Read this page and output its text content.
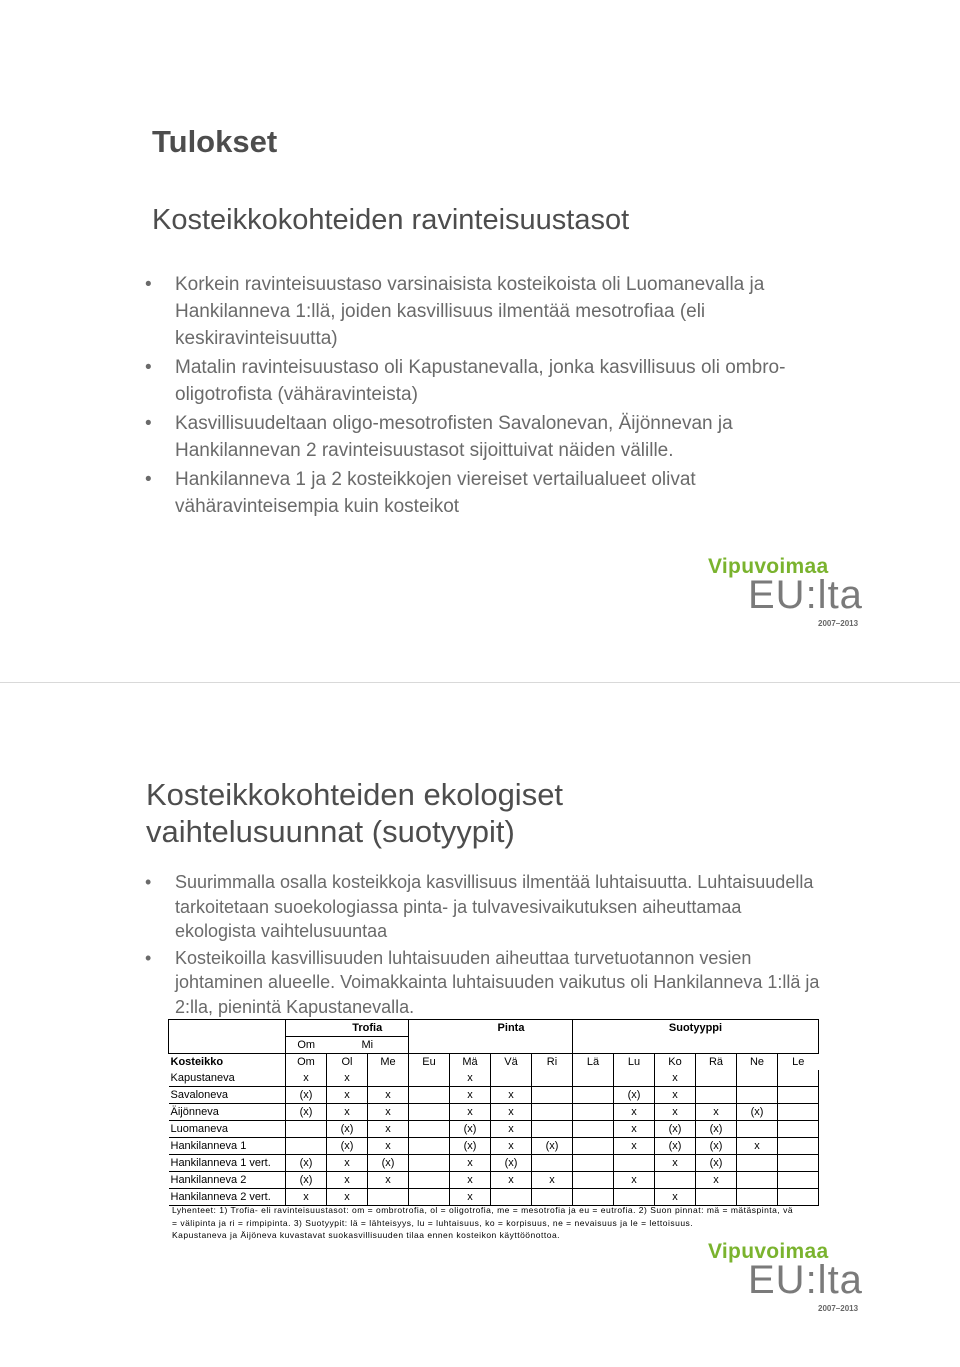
Tulokset
Kosteikkokohteiden ravinteisuustasot
• Korkein ravinteisuustaso varsinaisista kosteikoista oli Luomanevalla ja Hankilanneva 1:llä, joiden kasvillisuus ilmentää mesotrofiaa (eli keskiravinteisuutta)
• Matalin ravinteisuustaso oli Kapustanevalla, jonka kasvillisuus oli ombro-oligotrofista (vähäravinteista)
• Kasvillisuudeltaan oligo-mesotrofisten Savalonevan, Äijönnevan ja Hankilannevan 2 ravinteisuustasot sijoittuivat näiden välille.
• Hankilanneva 1 ja 2 kosteikkojen viereiset vertailualueet olivat vähäravinteisempia kuin kosteikot
Vipuvoimaa
EU:lta
2007–2013
Kosteikkokohteiden ekologiset vaihtelusuunnat (suotyypit)
• Suurimmalla osalla kosteikkoja kasvillisuus ilmentää luhtaisuutta. Luhtaisuudella tarkoitetaan suoekologiassa pinta- ja tulvavesivaikutuksen aiheuttamaa ekologista vaihtelusuuntaa
• Kosteikoilla kasvillisuuden luhtaisuuden aiheuttaa turvetuotannon vesien johtaminen alueelle. Voimakkainta luhtaisuuden vaikutus oli Hankilanneva 1:llä ja 2:lla, pienintä Kapustanevalla.
		Trofia				Pinta				Suotyyppi			
	Om	Mi											
Kosteikko	Om	Ol	Me	Eu	Mä	Vä	Ri	Lä	Lu	Ko	Rä	Ne	Le
Kapustaneva	x	x			x					x			
Savaloneva	(x)	x	x		x	x			(x)	x			
Äijönneva	(x)	x	x		x	x			x	x	x	(x)	
Luomaneva		(x)	x		(x)	x			x	(x)	(x)		
Hankilanneva 1		(x)	x		(x)	x	(x)		x	(x)	(x)	x	
Hankilanneva 1 vert.	(x)	x	(x)		x	(x)				x	(x)		
Hankilanneva 2	(x)	x	x		x	x	x		x		x		
Hankilanneva 2 vert.	x	x			x					x			
Vipuvoimaa
EU:lta
2007–2013

Lyhenteet: 1) Trofia- eli ravinteisuustasot: om = ombrotrofia, ol = oligotrofia, me = mesotrofia ja eu = eutrofia. 2) Suon pinnat: mä = mätäspinta, vä = välipinta ja ri = rimpipinta. 3) Suotyypit: lä = lähteisyys, lu = luhtaisuus, ko = korpisuus, ne = nevaisuus ja le = lettoisuus.

Kapustaneva ja Äijöneva kuvastavat suokasvillisuuden tilaa ennen kosteikon käyttöönottoa.
